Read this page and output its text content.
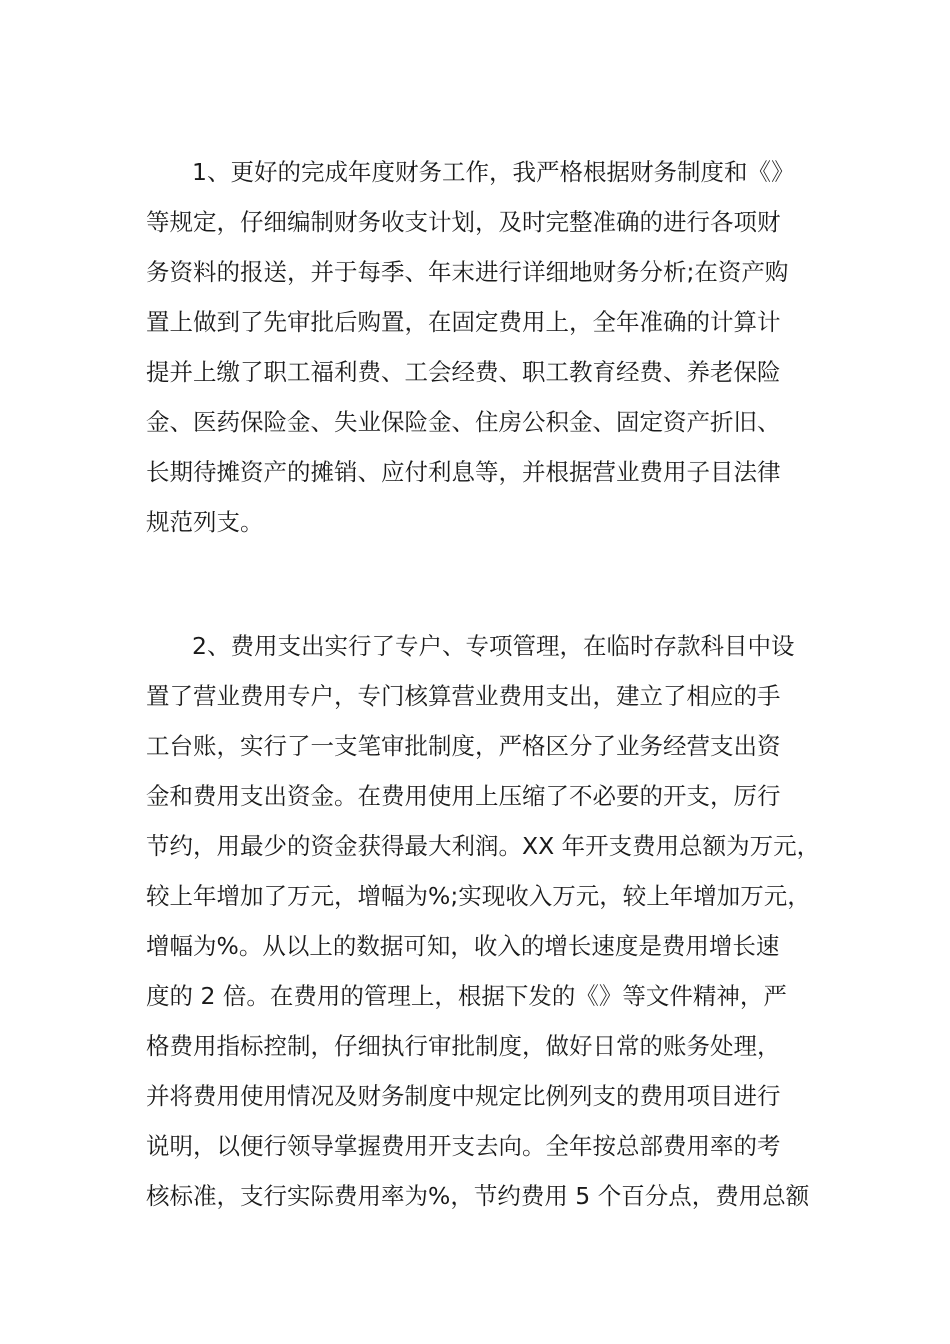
1、更好的完成年度财务工作，我严格根据财务制度和《》
等规定，仔细编制财务收支计划，及时完整准确的进行各项财
务资料的报送，并于每季、年末进行详细地财务分析;在资产购
置上做到了先审批后购置，在固定费用上，全年准确的计算计
提并上缴了职工福利费、工会经费、职工教育经费、养老保险
金、医药保险金、失业保险金、住房公积金、固定资产折旧、
长期待摊资产的摊销、应付利息等，并根据营业费用子目法律
规范列支。
2、费用支出实行了专户、专项管理，在临时存款科目中设
置了营业费用专户，专门核算营业费用支出，建立了相应的手
工台账，实行了一支笔审批制度，严格区分了业务经营支出资
金和费用支出资金。在费用使用上压缩了不必要的开支，厉行
节约，用最少的资金获得最大利润。XX 年开支费用总额为万元，
较上年增加了万元，增幅为%;实现收入万元，较上年增加万元，
增幅为%。从以上的数据可知，收入的增长速度是费用增长速
度的 2 倍。在费用的管理上，根据下发的《》等文件精神，严
格费用指标控制，仔细执行审批制度，做好日常的账务处理，
并将费用使用情况及财务制度中规定比例列支的费用项目进行
说明，以便行领导掌握费用开支去向。全年按总部费用率的考
核标准，支行实际费用率为%，节约费用 5 个百分点，费用总额
